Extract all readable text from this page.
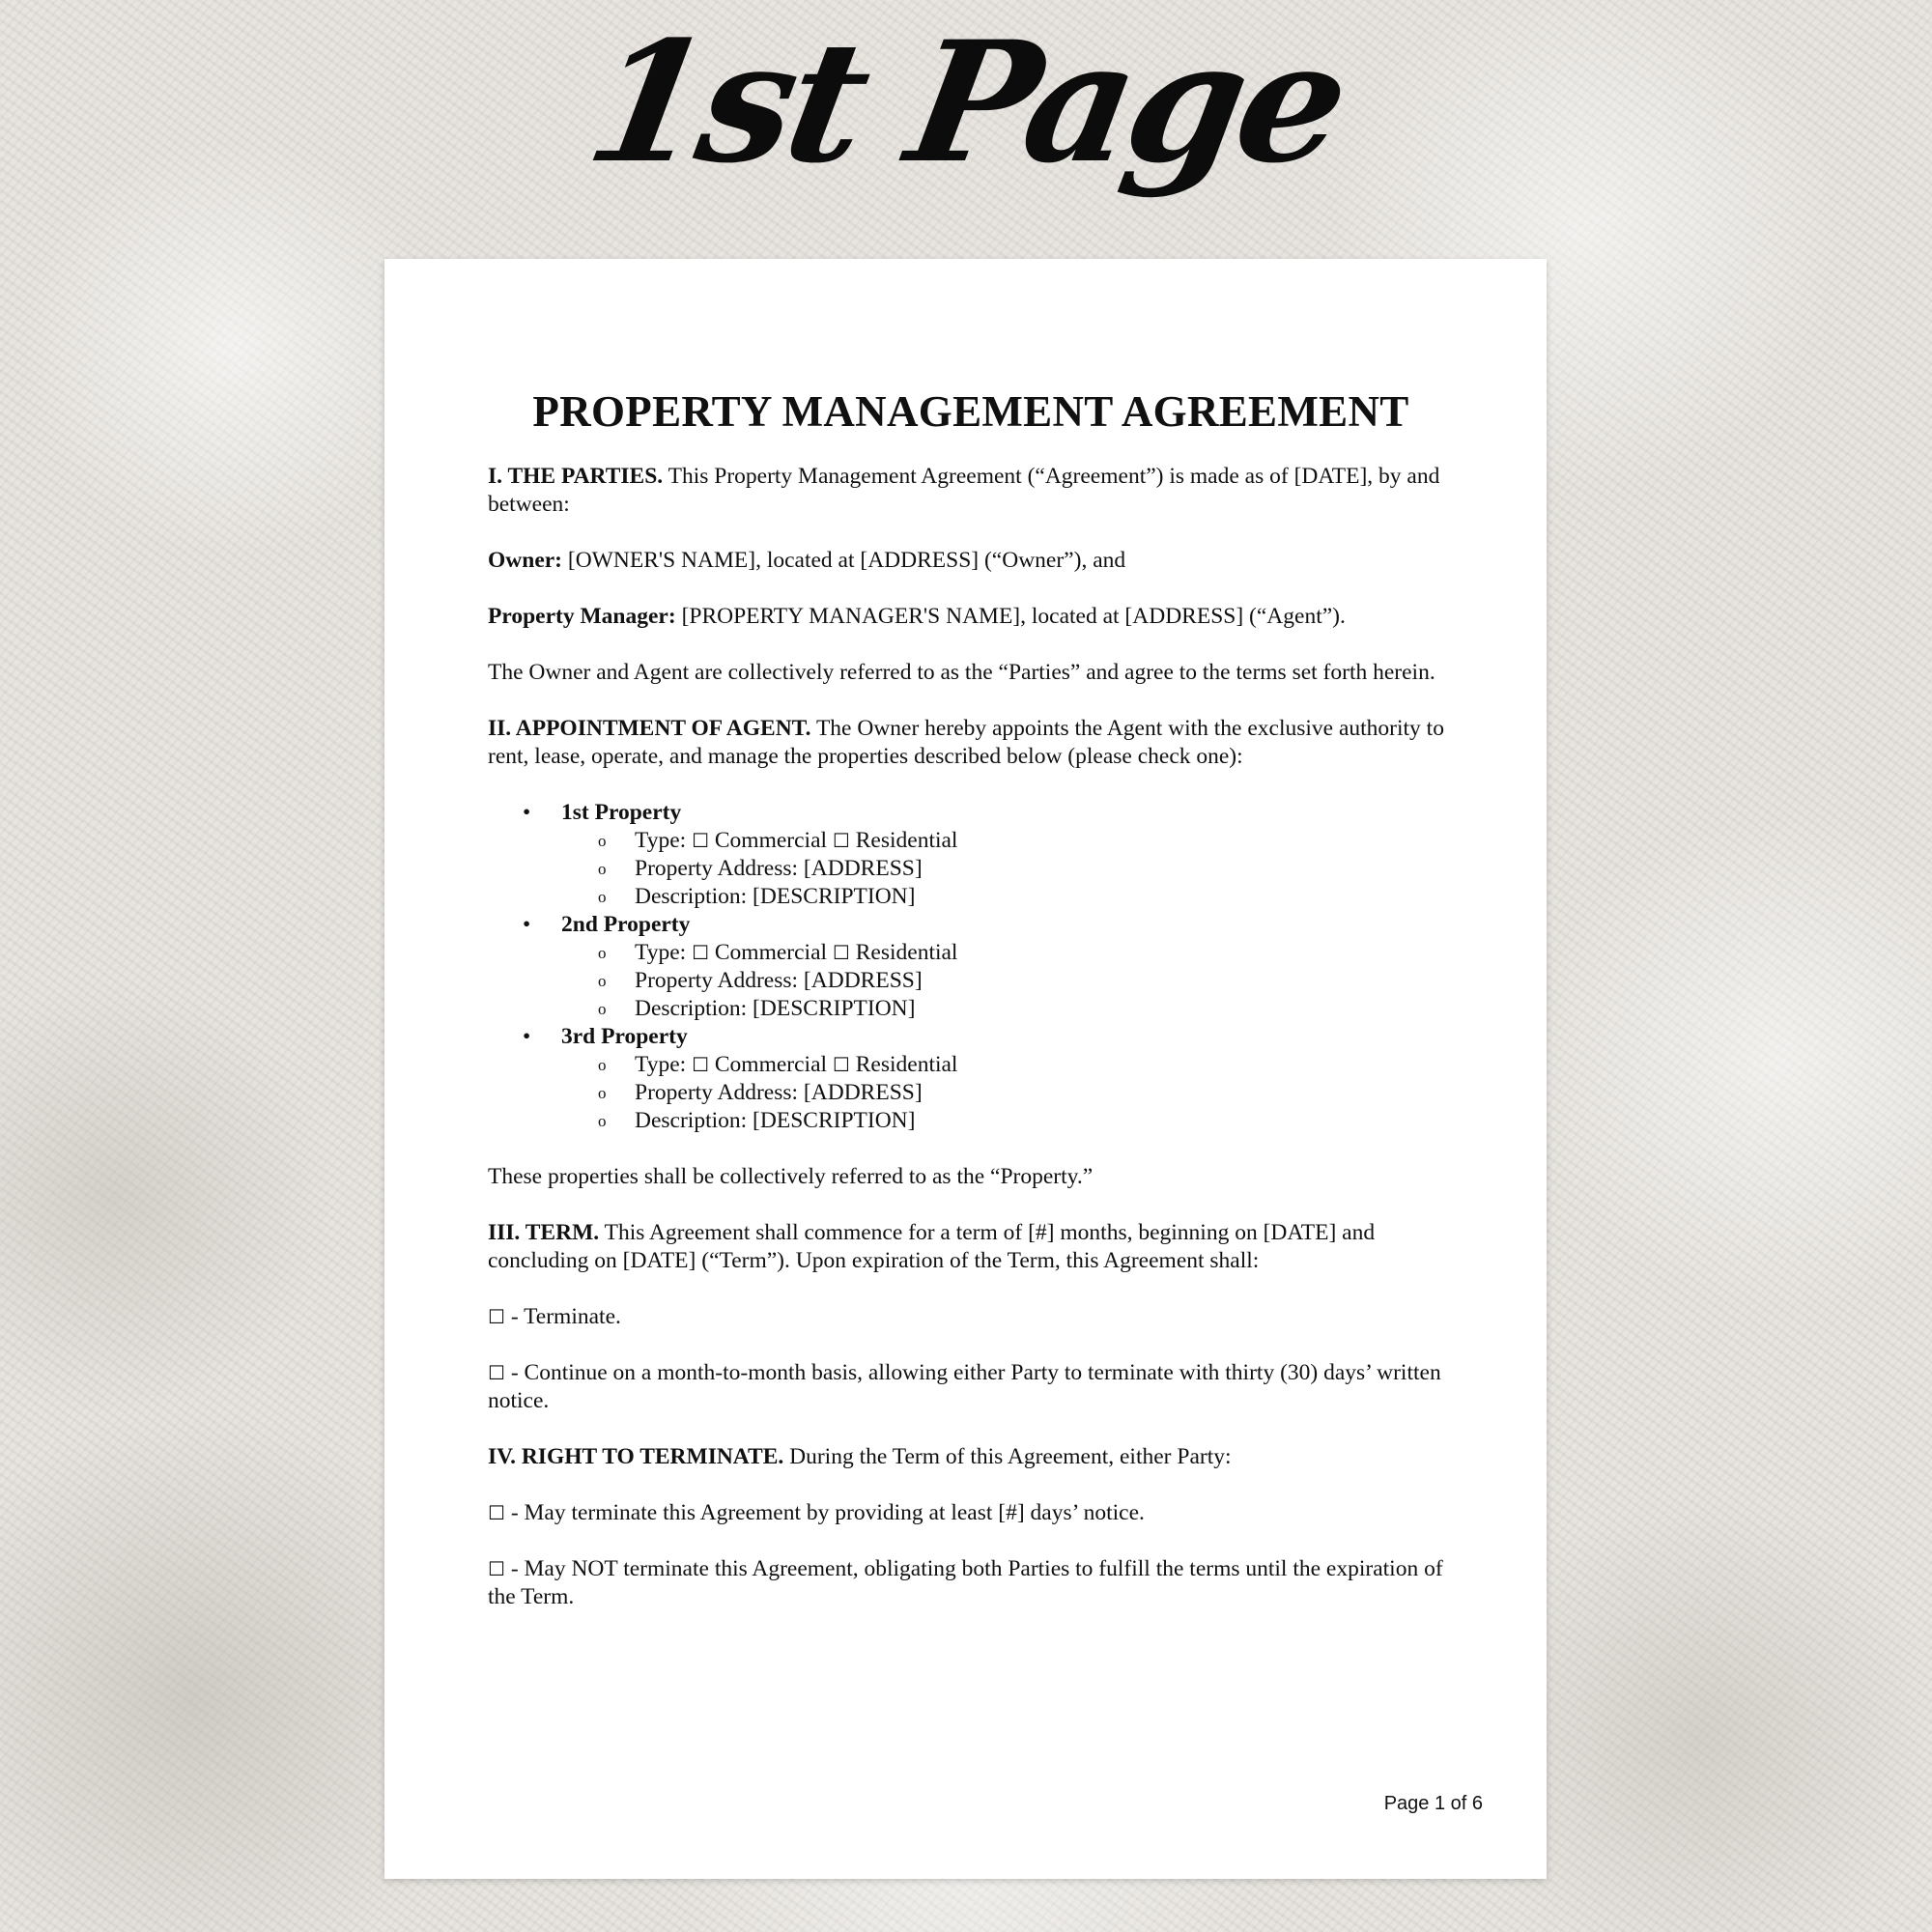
1st Page
PROPERTY MANAGEMENT AGREEMENT

I. THE PARTIES. This Property Management Agreement (“Agreement”) is made as of [DATE], by and between:

Owner: [OWNER'S NAME], located at [ADDRESS] (“Owner”), and

Property Manager: [PROPERTY MANAGER'S NAME], located at [ADDRESS] (“Agent”).

The Owner and Agent are collectively referred to as the “Parties” and agree to the terms set forth herein.

II. APPOINTMENT OF AGENT. The Owner hereby appoints the Agent with the exclusive authority to rent, lease, operate, and manage the properties described below (please check one):

• 1st Property
o Type: ☐ Commercial ☐ Residential
o Property Address: [ADDRESS]
o Description: [DESCRIPTION]
• 2nd Property
o Type: ☐ Commercial ☐ Residential
o Property Address: [ADDRESS]
o Description: [DESCRIPTION]
• 3rd Property
o Type: ☐ Commercial ☐ Residential
o Property Address: [ADDRESS]
o Description: [DESCRIPTION]

These properties shall be collectively referred to as the “Property.”

III. TERM. This Agreement shall commence for a term of [#] months, beginning on [DATE] and concluding on [DATE] (“Term”). Upon expiration of the Term, this Agreement shall:

☐ - Terminate.

☐ - Continue on a month-to-month basis, allowing either Party to terminate with thirty (30) days’ written notice.

IV. RIGHT TO TERMINATE. During the Term of this Agreement, either Party:

☐ - May terminate this Agreement by providing at least [#] days’ notice.

☐ - May NOT terminate this Agreement, obligating both Parties to fulfill the terms until the expiration of the Term.

Page 1 of 6
